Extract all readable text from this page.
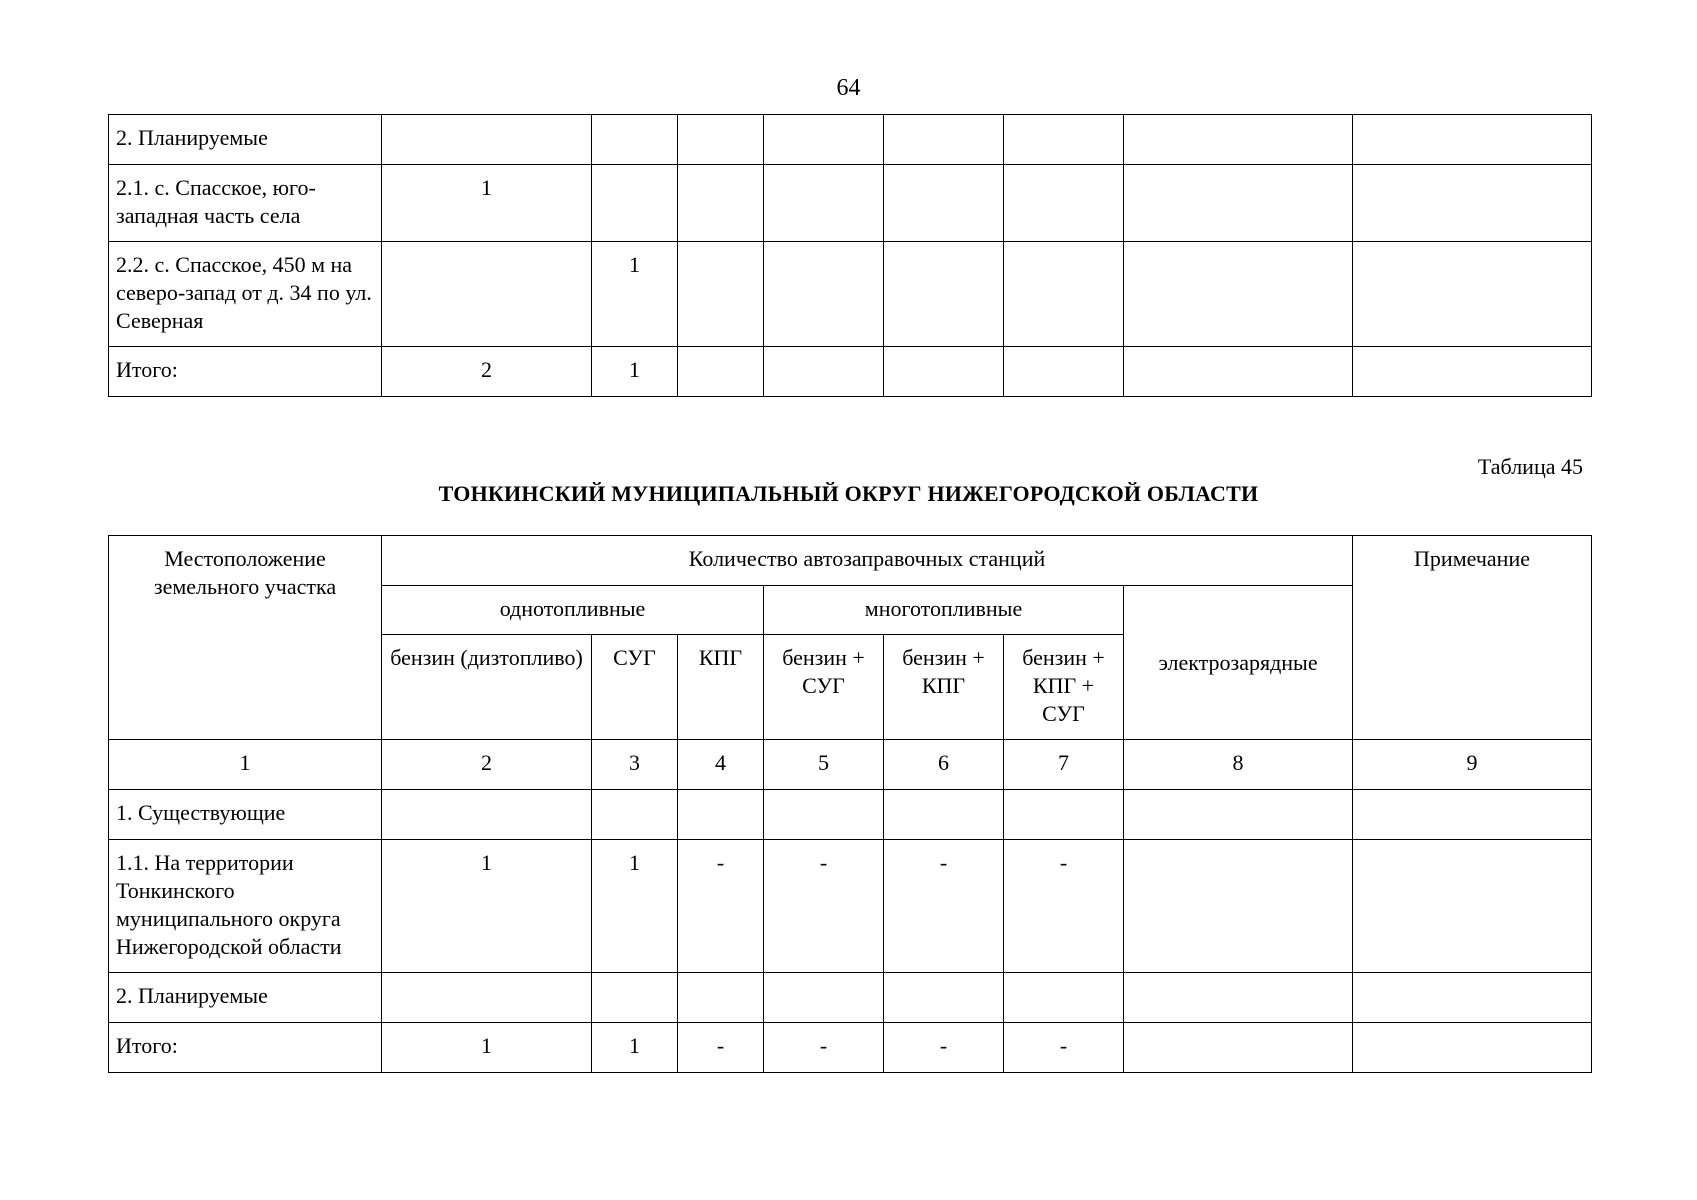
64
2. Планируемые								
2.1. с. Спасское, юго-западная часть села	1							
2.2. с. Спасское, 450 м на северо-запад от д. 34 по ул. Северная		1						
Итого:	2	1						
Таблица 45
ТОНКИНСКИЙ МУНИЦИПАЛЬНЫЙ ОКРУГ НИЖЕГОРОДСКОЙ ОБЛАСТИ
Местоположение земельного участка	Количество автозаправочных станций							Примечание
	однотопливные			многотопливные			электрозарядные	
	бензин (дизтопливо)	СУГ	КПГ	бензин + СУГ	бензин + КПГ	бензин + КПГ + СУГ		
1	2	3	4	5	6	7	8	9
1. Существующие								
1.1. На территории Тонкинского муниципального округа Нижегородской области	1	1	-	-	-	-		
2. Планируемые								
Итого:	1	1	-	-	-	-		
